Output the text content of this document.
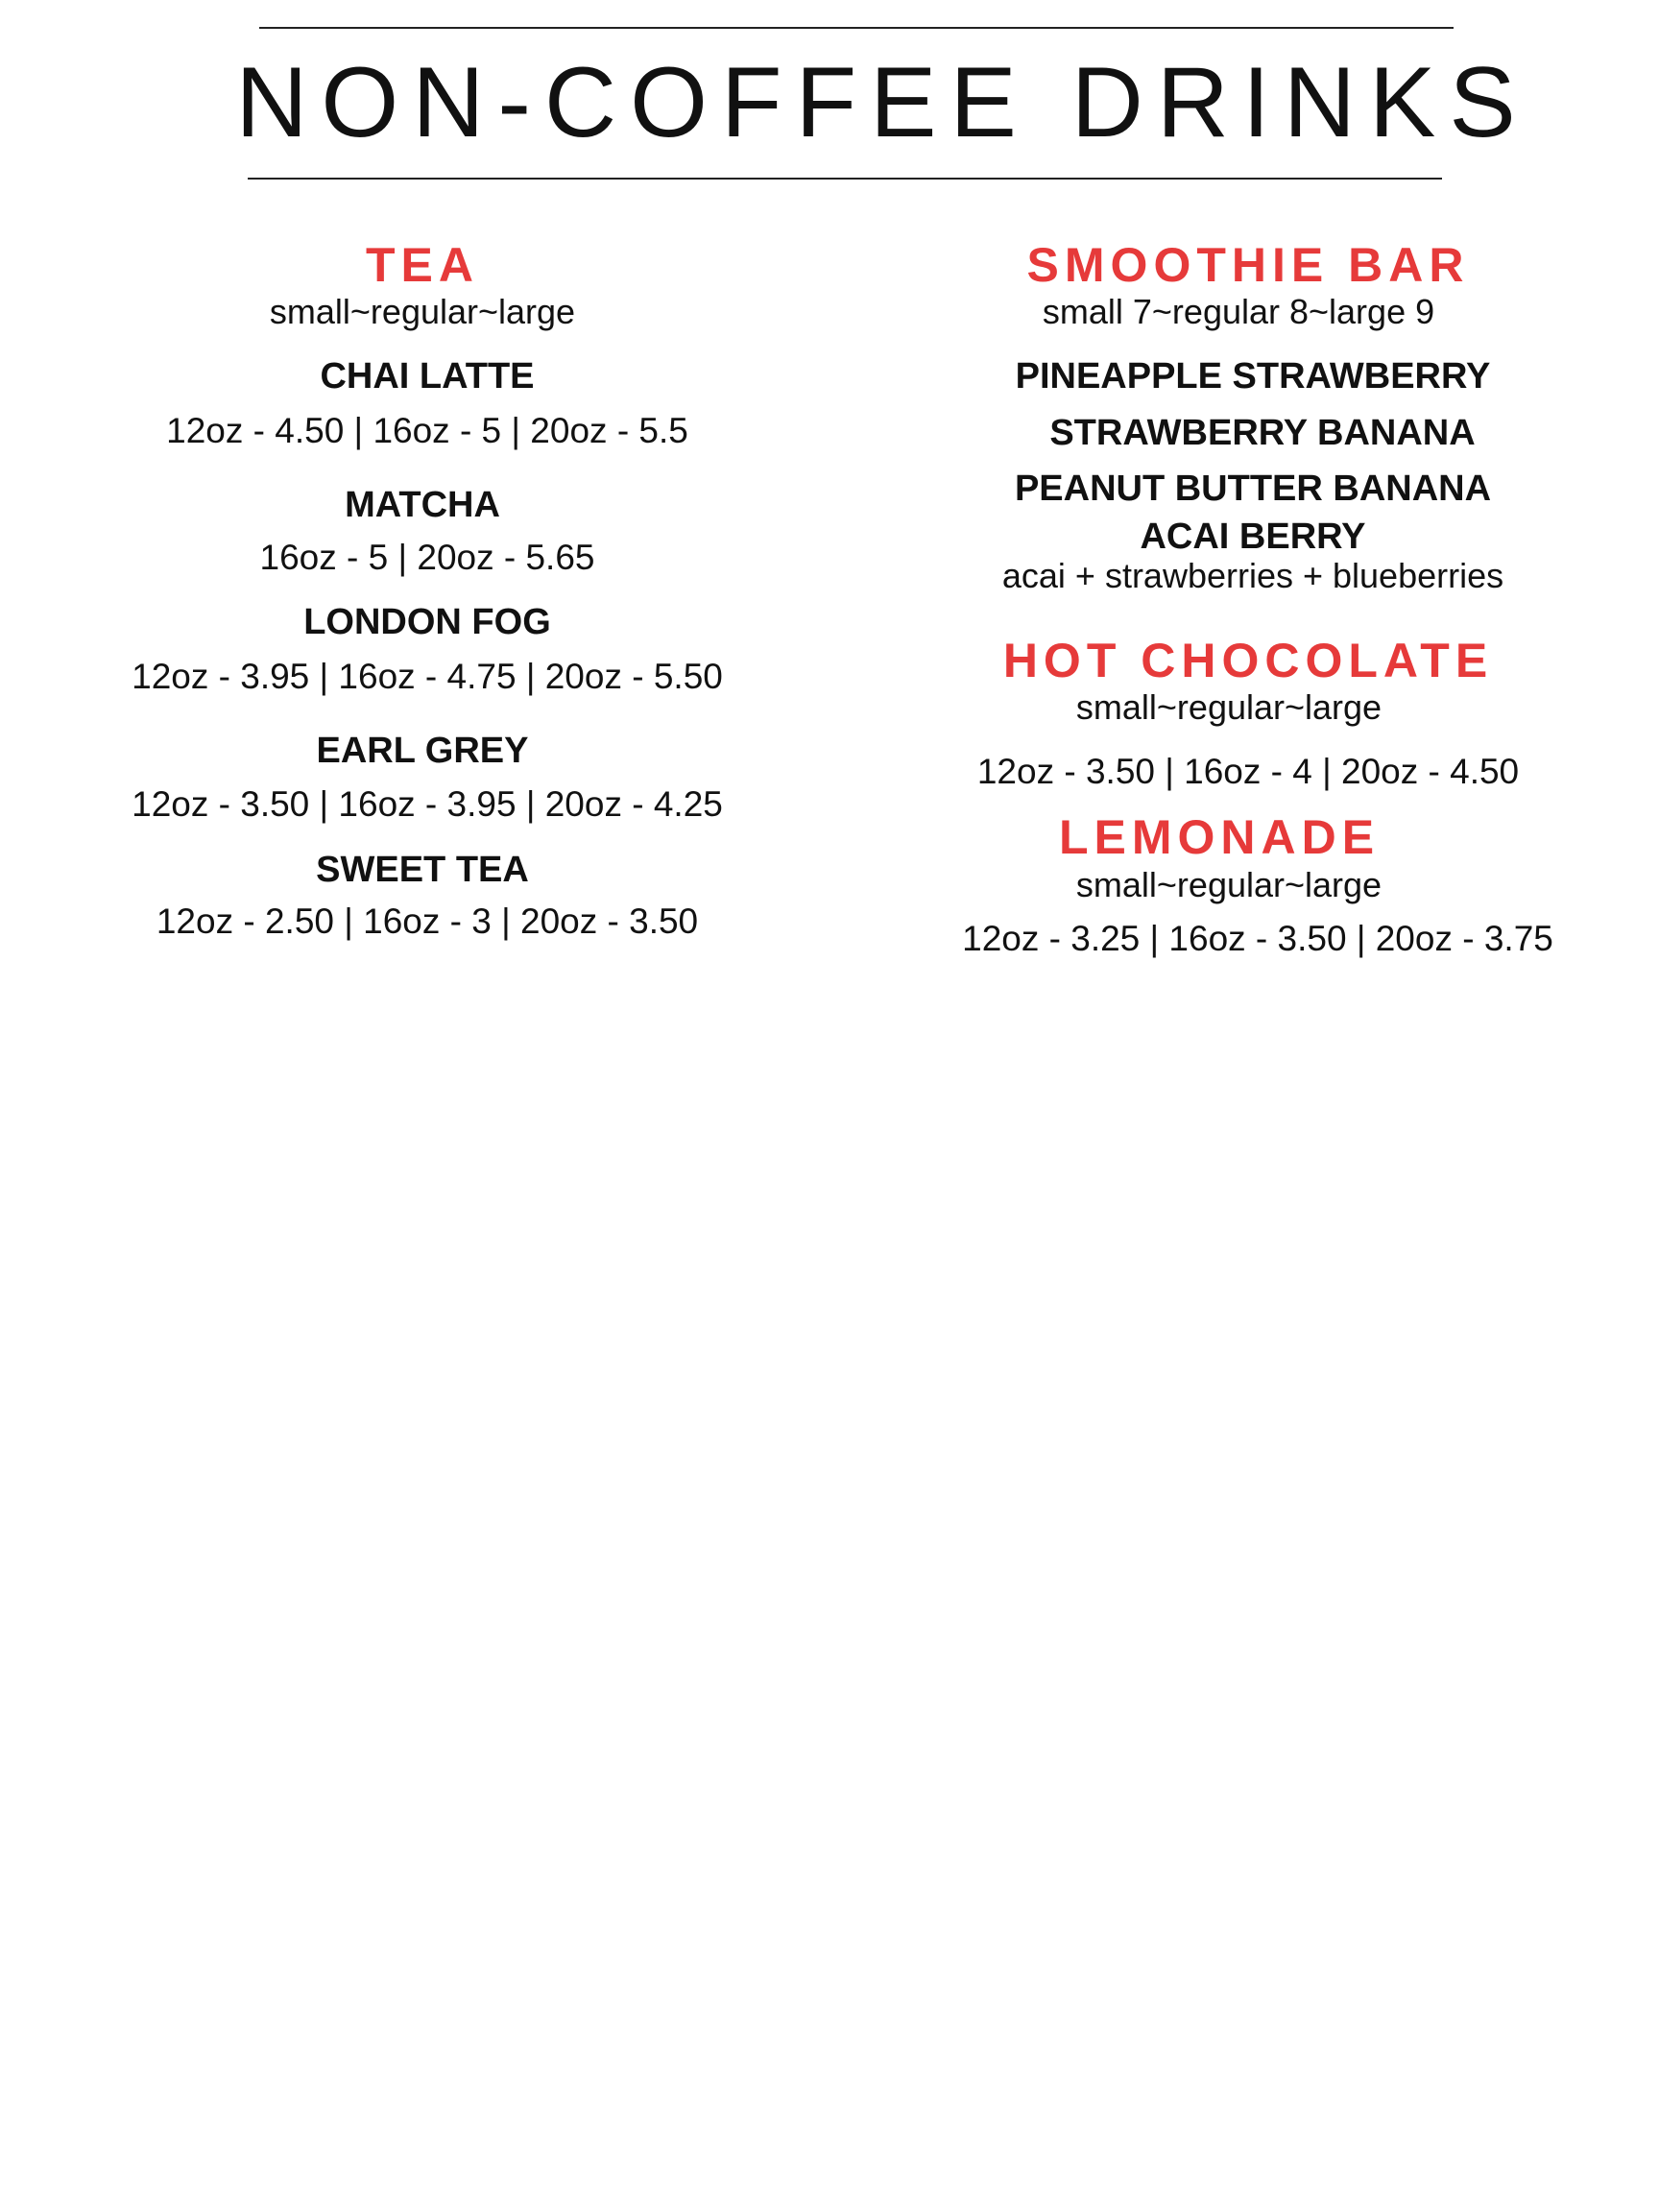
NON-COFFEE DRINKS
TEA
small~regular~large
CHAI LATTE
12oz - 4.50 | 16oz - 5 | 20oz - 5.5
MATCHA
16oz - 5 | 20oz - 5.65
LONDON FOG
12oz - 3.95 | 16oz - 4.75 | 20oz - 5.50
EARL GREY
12oz - 3.50 | 16oz - 3.95 | 20oz - 4.25
SWEET TEA
12oz - 2.50 | 16oz - 3 | 20oz - 3.50
SMOOTHIE BAR
small 7~regular 8~large 9
PINEAPPLE STRAWBERRY
STRAWBERRY BANANA
PEANUT BUTTER BANANA
ACAI BERRY
acai + strawberries + blueberries
HOT CHOCOLATE
small~regular~large
12oz - 3.50 | 16oz - 4 | 20oz - 4.50
LEMONADE
small~regular~large
12oz - 3.25 | 16oz - 3.50 | 20oz - 3.75
